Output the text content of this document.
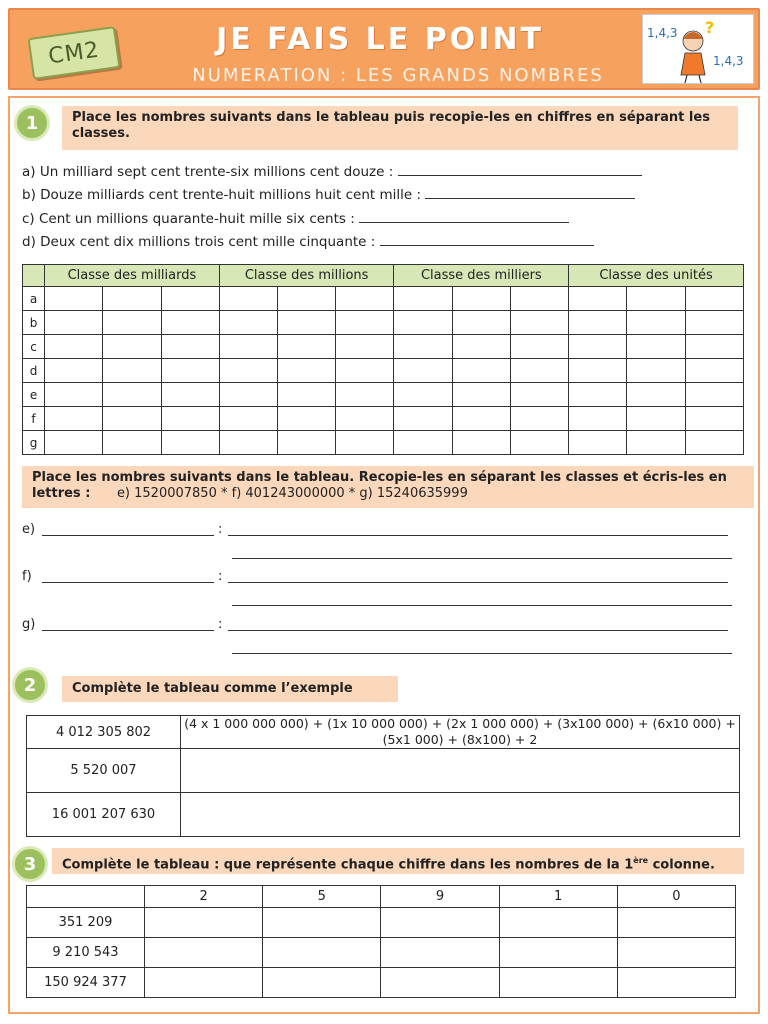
CM2	JE FAIS LE POINT
NUMERATION : LES GRANDS NOMBRES
1,4,3
1,4,3
?
1	Place les nombres suivants dans le tableau puis recopie-les en chiffres en séparant les classes.
a) Un milliard sept cent trente-six millions cent douze :
b) Douze milliards cent trente-huit millions huit cent mille :
c) Cent un millions quarante-huit mille six cents :
d) Deux cent dix millions trois cent mille cinquante :
	Classe des milliards			Classe des millions			Classe des milliers			Classe des unités		
a												
b												
c												
d												
e												
f												
g												
Place les nombres suivants dans le tableau. Recopie-les en séparant les classes et écris-les en lettres : e) 1520007850 * f) 401243000000 * g) 15240635999
e)	:
f)	:
g)	:
2	Complète le tableau comme l’exemple
4 012 305 802	(4 x 1 000 000 000) + (1x 10 000 000) + (2x 1 000 000) + (3x100 000) + (6x10 000) + (5x1 000) + (8x100) + 2
5 520 007	
16 001 207 630	
3	Complète le tableau : que représente chaque chiffre dans les nombres de la 1ère colonne.
	2	5	9	1	0
351 209					
9 210 543					
150 924 377					
